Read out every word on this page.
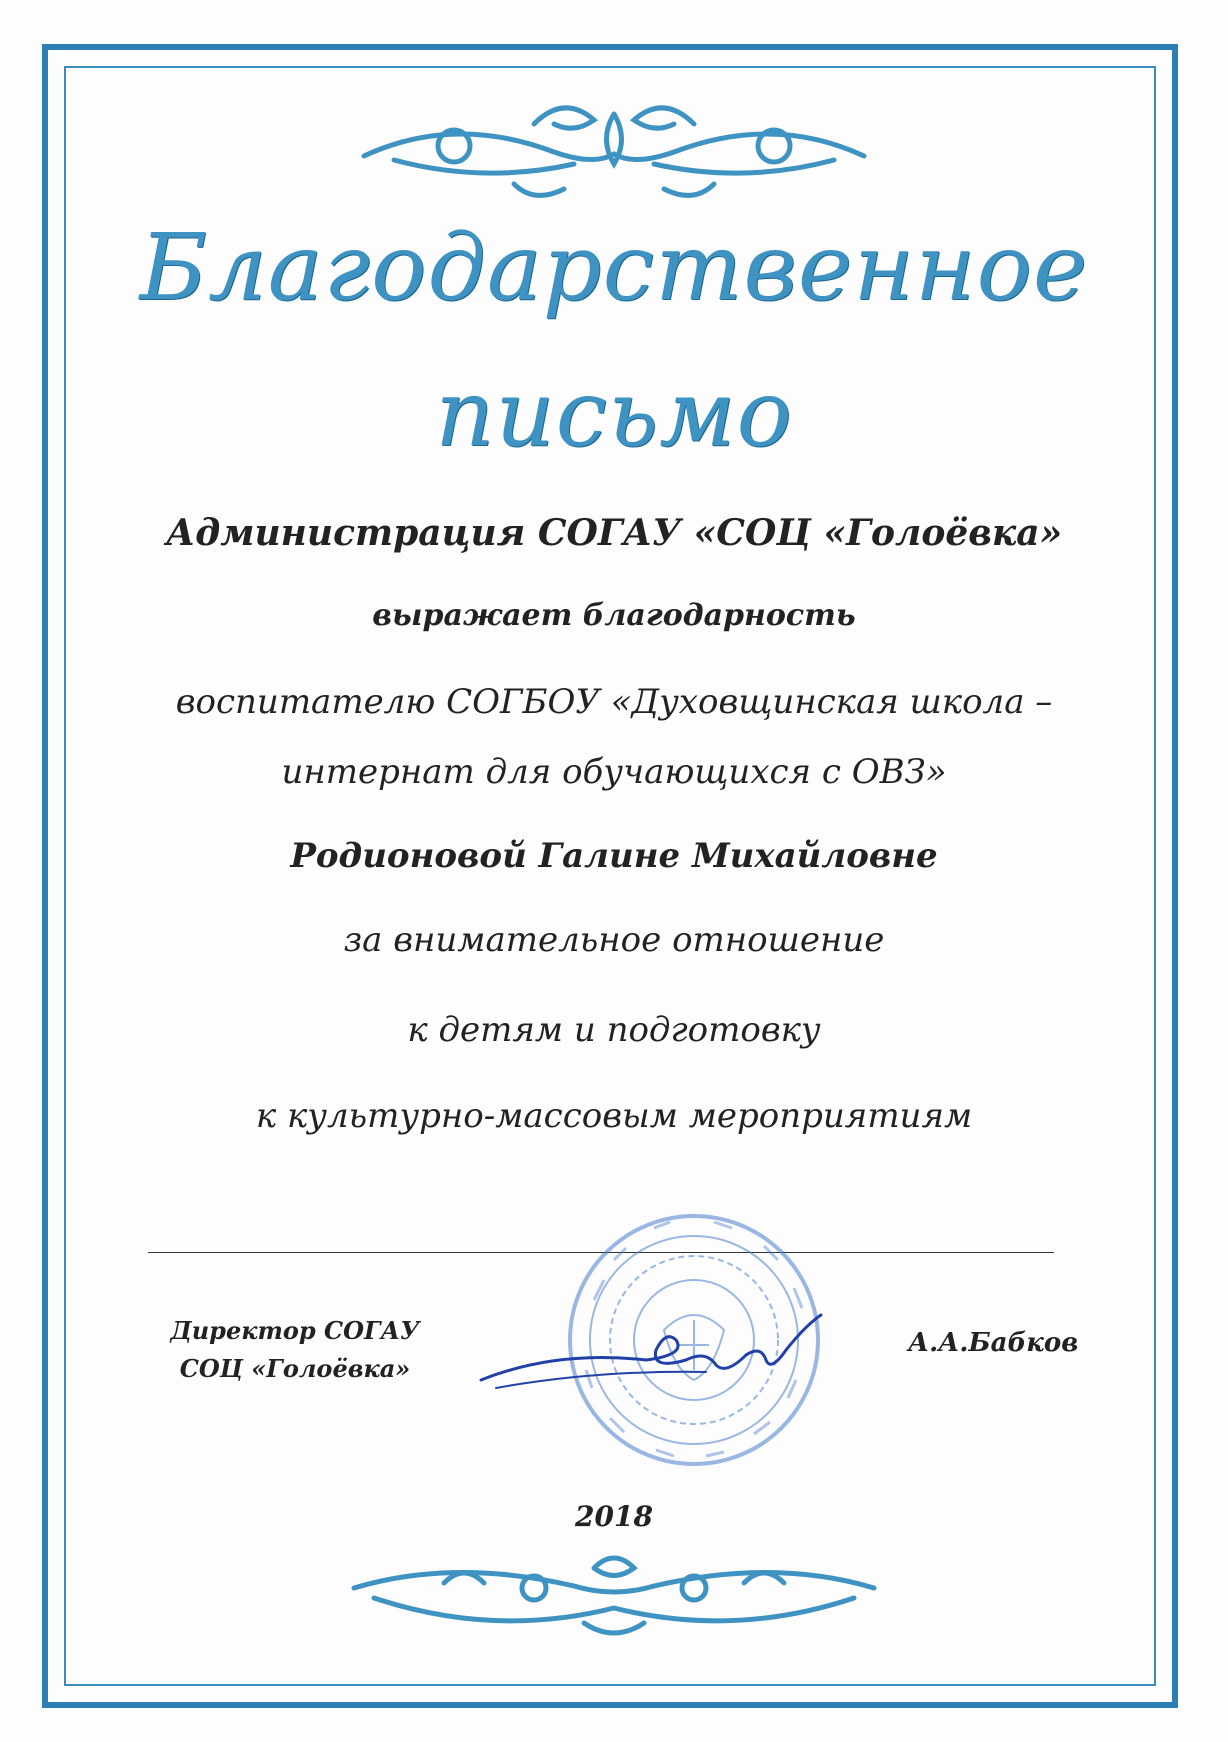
Благодарственное
письмо
Администрация СОГАУ «СОЦ «Голоёвка»
выражает благодарность
воспитателю СОГБОУ «Духовщинская школа –
интернат для обучающихся с ОВЗ»
Родионовой Галине Михайловне
за внимательное отношение
к детям и подготовку
к культурно-массовым мероприятиям
Директор СОГАУ
СОЦ «Голоёвка»
А.А.Бабков
2018
